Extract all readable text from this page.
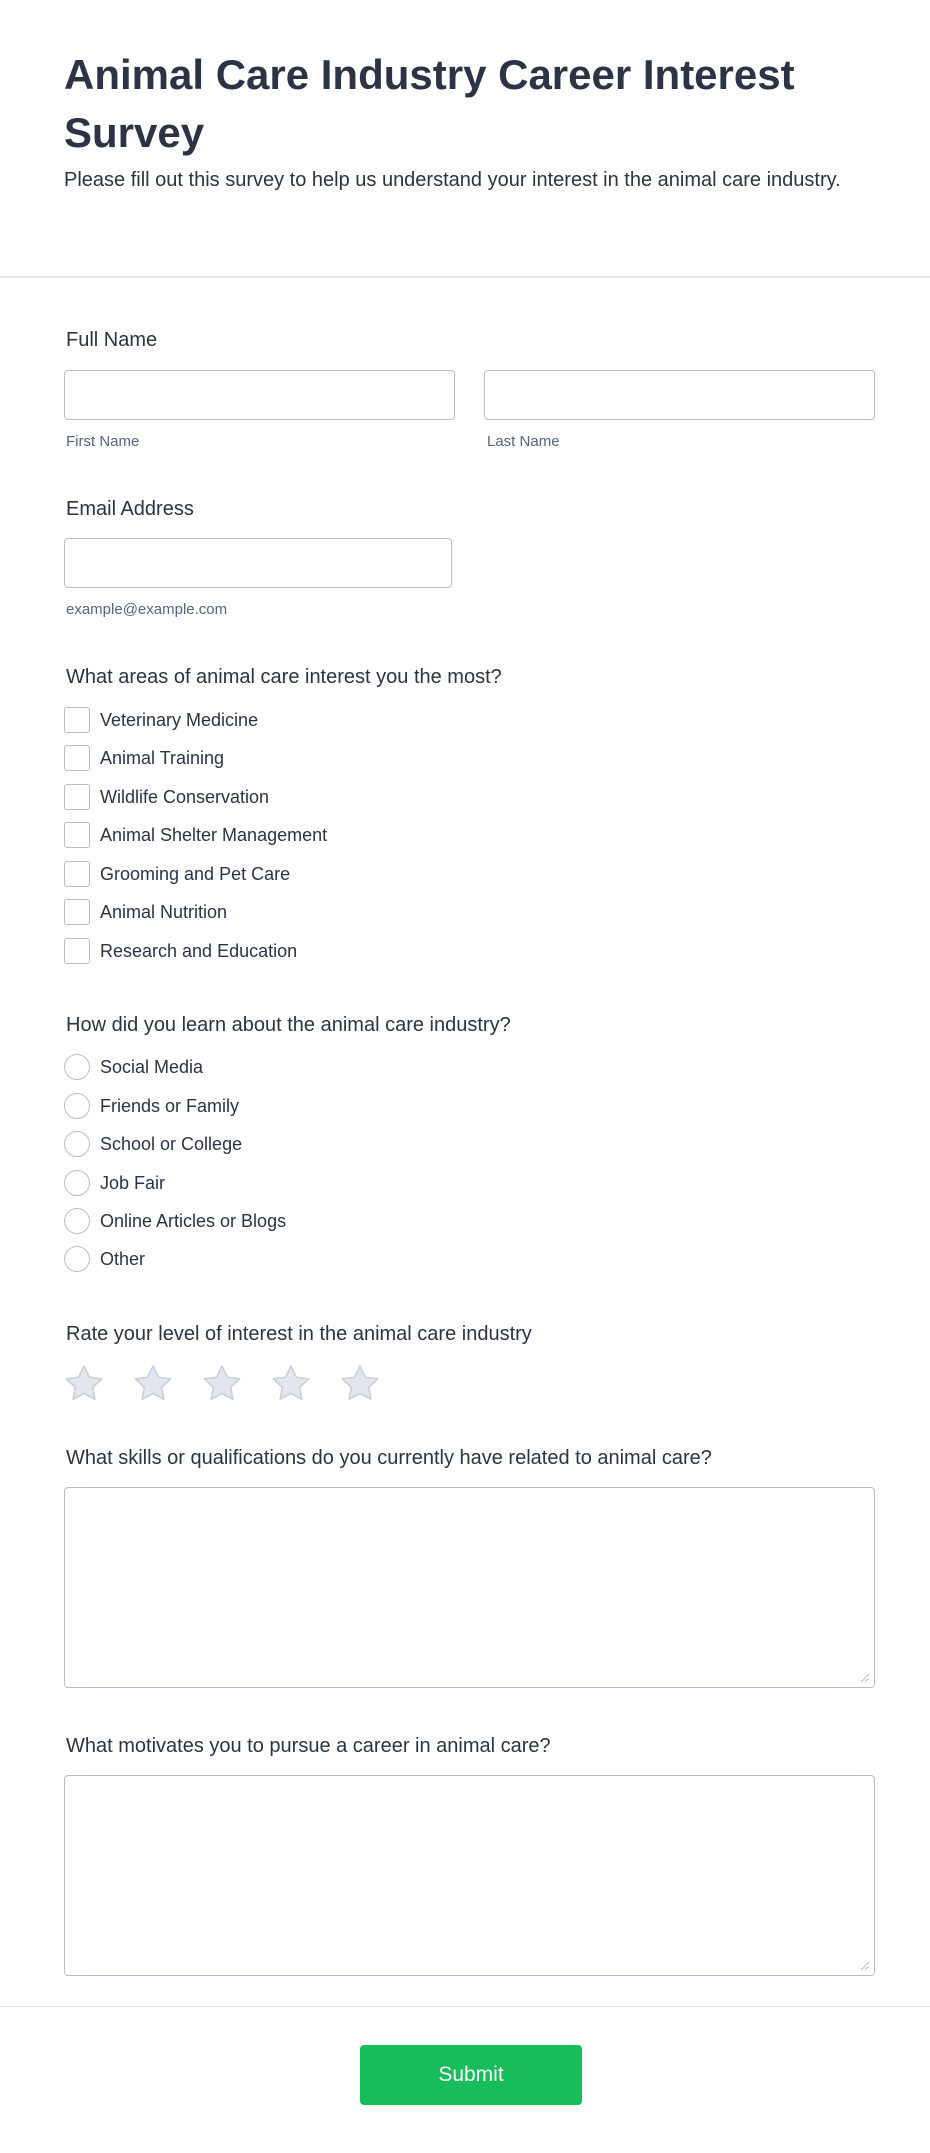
Animal Care Industry Career Interest Survey

Please fill out this survey to help us understand your interest in the animal care industry.

Full Name
First Name	Last Name
Email Address
example@example.com
What areas of animal care interest you the most?
Veterinary Medicine
Animal Training
Wildlife Conservation
Animal Shelter Management
Grooming and Pet Care
Animal Nutrition
Research and Education
How did you learn about the animal care industry?
Social Media
Friends or Family
School or College
Job Fair
Online Articles or Blogs
Other
Rate your level of interest in the animal care industry
What skills or qualifications do you currently have related to animal care?
What motivates you to pursue a career in animal care?
Submit
